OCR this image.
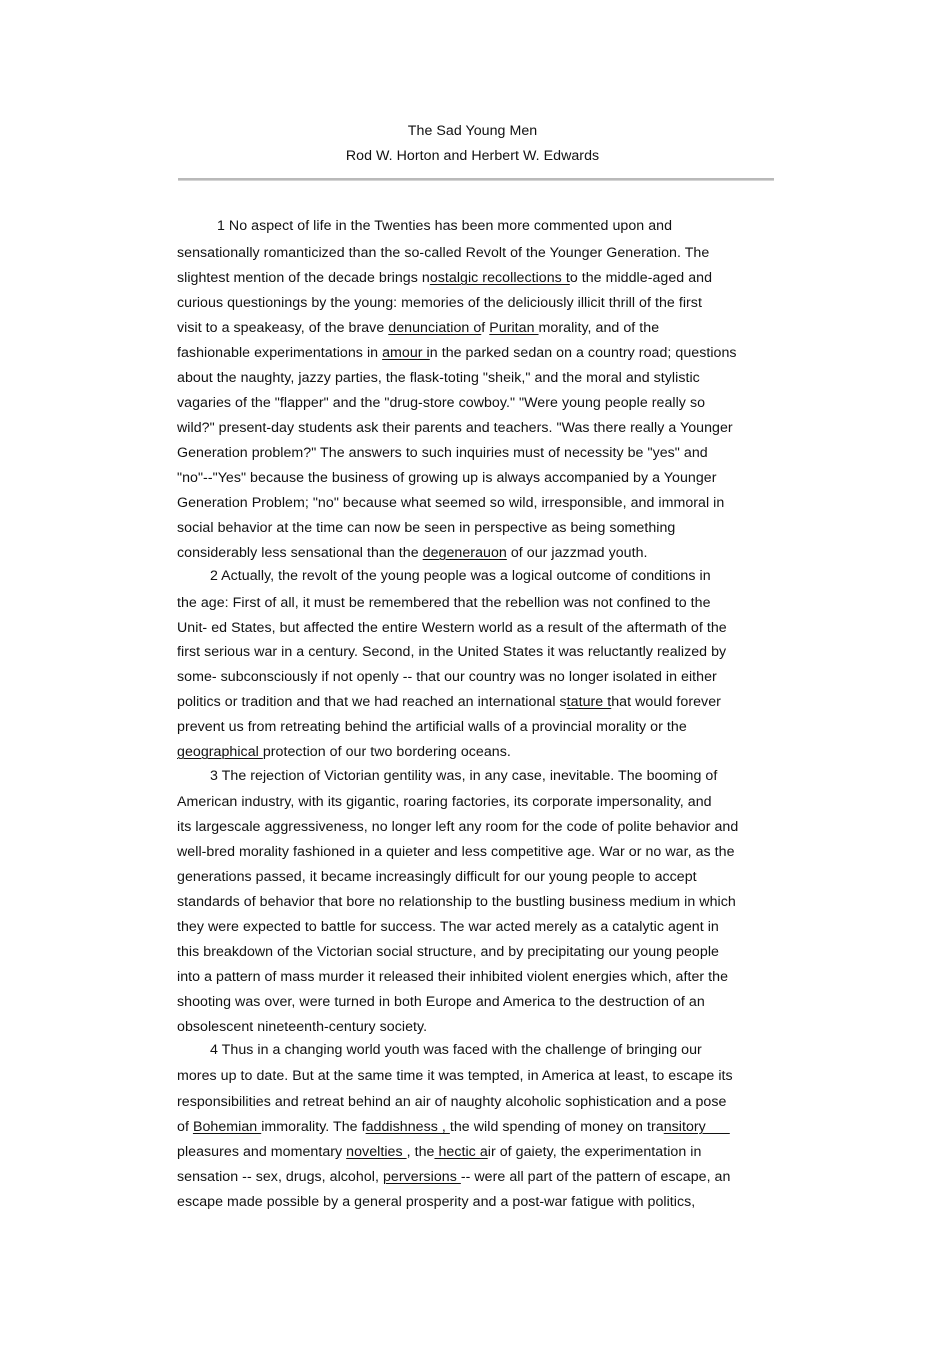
The Sad Young Men
Rod W. Horton and Herbert W. Edwards
1 No aspect of life in the Twenties has been more commented upon and
sensationally romanticized than the so-called Revolt of the Younger Generation. The
slightest mention of the decade brings nostalgic recollections to the middle-aged and
curious questionings by the young: memories of the deliciously illicit thrill of the first
visit to a speakeasy, of the brave denunciation of Puritan morality, and of the
fashionable experimentations in amour in the parked sedan on a country road; questions
about the naughty, jazzy parties, the flask-toting "sheik," and the moral and stylistic
vagaries of the "flapper" and the "drug-store cowboy." "Were young people really so
wild?" present-day students ask their parents and teachers. "Was there really a Younger
Generation problem?" The answers to such inquiries must of necessity be "yes" and
"no"--"Yes" because the business of growing up is always accompanied by a Younger
Generation Problem; "no" because what seemed so wild, irresponsible, and immoral in
social behavior at the time can now be seen in perspective as being something
considerably less sensational than the degenerauon of our jazzmad youth.
2 Actually, the revolt of the young people was a logical outcome of conditions in
the age: First of all, it must be remembered that the rebellion was not confined to the
Unit- ed States, but affected the entire Western world as a result of the aftermath of the
first serious war in a century. Second, in the United States it was reluctantly realized by
some- subconsciously if not openly -- that our country was no longer isolated in either
politics or tradition and that we had reached an international stature that would forever
prevent us from retreating behind the artificial walls of a provincial morality or the
geographical protection of our two bordering oceans.
3 The rejection of Victorian gentility was, in any case, inevitable. The booming of
American industry, with its gigantic, roaring factories, its corporate impersonality, and
its largescale aggressiveness, no longer left any room for the code of polite behavior and
well-bred morality fashioned in a quieter and less competitive age. War or no war, as the
generations passed, it became increasingly difficult for our young people to accept
standards of behavior that bore no relationship to the bustling business medium in which
they were expected to battle for success. The war acted merely as a catalytic agent in
this breakdown of the Victorian social structure, and by precipitating our young people
into a pattern of mass murder it released their inhibited violent energies which, after the
shooting was over, were turned in both Europe and America to the destruction of an
obsolescent nineteenth-century society.
4 Thus in a changing world youth was faced with the challenge of bringing our
mores up to date. But at the same time it was tempted, in America at least, to escape its
responsibilities and retreat behind an air of naughty alcoholic sophistication and a pose
of Bohemian immorality. The faddishness , the wild spending of money on transitory
pleasures and momentary novelties , the hectic air of gaiety, the experimentation in
sensation -- sex, drugs, alcohol, perversions -- were all part of the pattern of escape, an
escape made possible by a general prosperity and a post-war fatigue with politics,
